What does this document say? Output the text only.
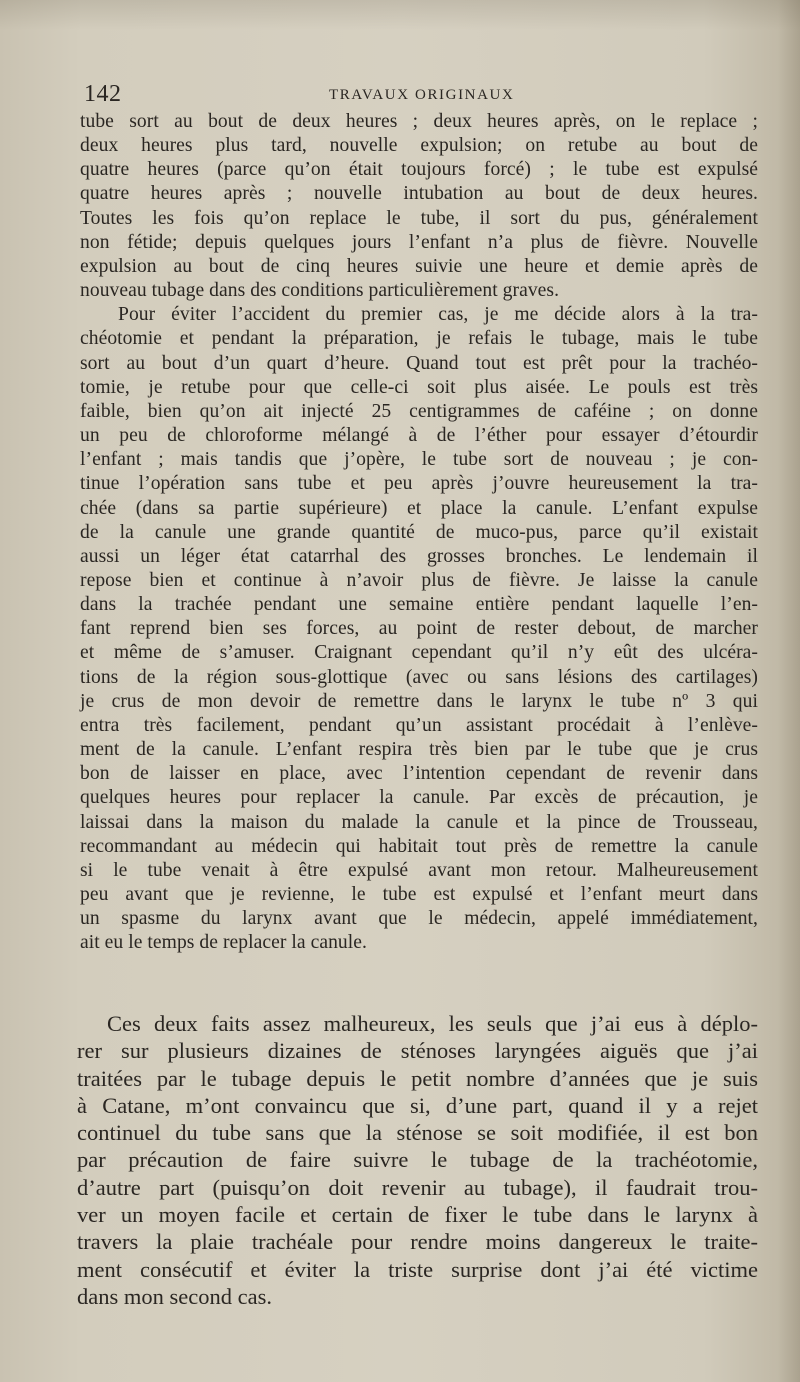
142	TRAVAUX ORIGINAUX
tube sort au bout de deux heures ; deux heures après, on le replace ;
deux heures plus tard, nouvelle expulsion; on retube au bout de
quatre heures (parce qu’on était toujours forcé) ; le tube est expulsé
quatre heures après ; nouvelle intubation au bout de deux heures.
Toutes les fois qu’on replace le tube, il sort du pus, généralement
non fétide; depuis quelques jours l’enfant n’a plus de fièvre. Nouvelle
expulsion au bout de cinq heures suivie une heure et demie après de
nouveau tubage dans des conditions particulièrement graves.
Pour éviter l’accident du premier cas, je me décide alors à la tra-
chéotomie et pendant la préparation, je refais le tubage, mais le tube
sort au bout d’un quart d’heure. Quand tout est prêt pour la trachéo-
tomie, je retube pour que celle-ci soit plus aisée. Le pouls est très
faible, bien qu’on ait injecté 25 centigrammes de caféine ; on donne
un peu de chloroforme mélangé à de l’éther pour essayer d’étourdir
l’enfant ; mais tandis que j’opère, le tube sort de nouveau ; je con-
tinue l’opération sans tube et peu après j’ouvre heureusement la tra-
chée (dans sa partie supérieure) et place la canule. L’enfant expulse
de la canule une grande quantité de muco-pus, parce qu’il existait
aussi un léger état catarrhal des grosses bronches. Le lendemain il
repose bien et continue à n’avoir plus de fièvre. Je laisse la canule
dans la trachée pendant une semaine entière pendant laquelle l’en-
fant reprend bien ses forces, au point de rester debout, de marcher
et même de s’amuser. Craignant cependant qu’il n’y eût des ulcéra-
tions de la région sous-glottique (avec ou sans lésions des cartilages)
je crus de mon devoir de remettre dans le larynx le tube nº 3 qui
entra très facilement, pendant qu’un assistant procédait à l’enlève-
ment de la canule. L’enfant respira très bien par le tube que je crus
bon de laisser en place, avec l’intention cependant de revenir dans
quelques heures pour replacer la canule. Par excès de précaution, je
laissai dans la maison du malade la canule et la pince de Trousseau,
recommandant au médecin qui habitait tout près de remettre la canule
si le tube venait à être expulsé avant mon retour. Malheureusement
peu avant que je revienne, le tube est expulsé et l’enfant meurt dans
un spasme du larynx avant que le médecin, appelé immédiatement,
ait eu le temps de replacer la canule.
Ces deux faits assez malheureux, les seuls que j’ai eus à déplo-
rer sur plusieurs dizaines de sténoses laryngées aiguës que j’ai
traitées par le tubage depuis le petit nombre d’années que je suis
à Catane, m’ont convaincu que si, d’une part, quand il y a rejet
continuel du tube sans que la sténose se soit modifiée, il est bon
par précaution de faire suivre le tubage de la trachéotomie,
d’autre part (puisqu’on doit revenir au tubage), il faudrait trou-
ver un moyen facile et certain de fixer le tube dans le larynx à
travers la plaie trachéale pour rendre moins dangereux le traite-
ment consécutif et éviter la triste surprise dont j’ai été victime
dans mon second cas.
